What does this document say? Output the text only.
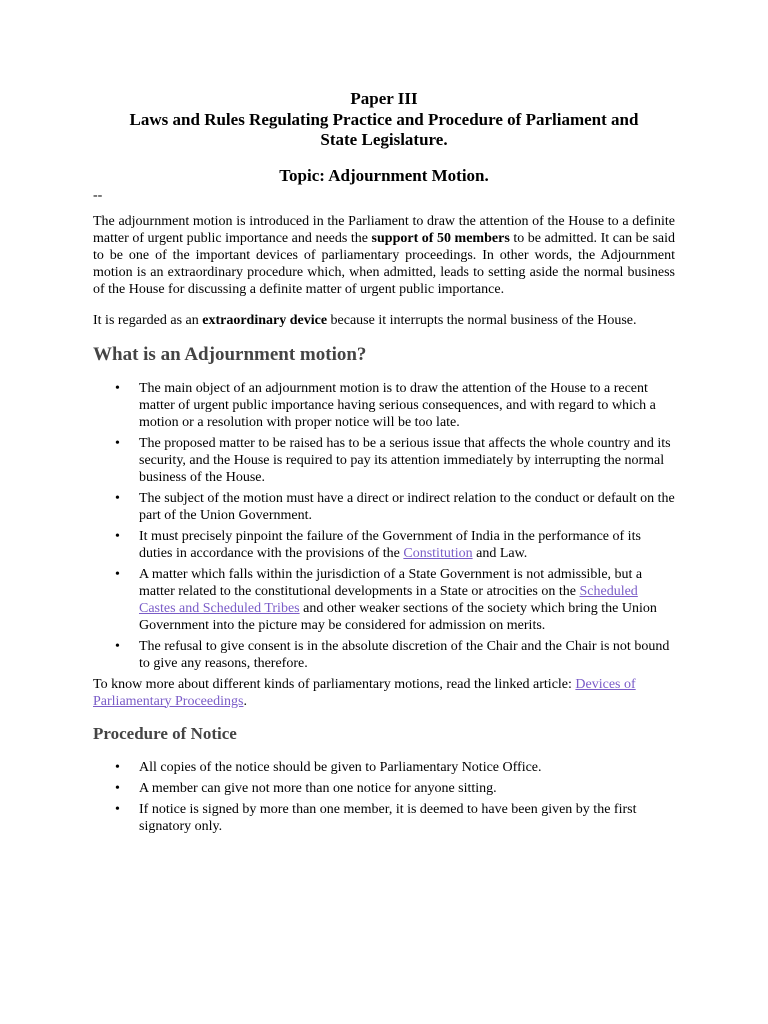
Paper III
Laws and Rules Regulating Practice and Procedure of Parliament and
State Legislature.
Topic: Adjournment Motion.
--

The adjournment motion is introduced in the Parliament to draw the attention of the House to a definite matter of urgent public importance and needs the support of 50 members to be admitted. It can be said to be one of the important devices of parliamentary proceedings. In other words, the Adjournment motion is an extraordinary procedure which, when admitted, leads to setting aside the normal business of the House for discussing a definite matter of urgent public importance.

It is regarded as an extraordinary device because it interrupts the normal business of the House.

What is an Adjournment motion?
• The main object of an adjournment motion is to draw the attention of the House to a recent matter of urgent public importance having serious consequences, and with regard to which a motion or a resolution with proper notice will be too late.
• The proposed matter to be raised has to be a serious issue that affects the whole country and its security, and the House is required to pay its attention immediately by interrupting the normal business of the House.
• The subject of the motion must have a direct or indirect relation to the conduct or default on the part of the Union Government.
• It must precisely pinpoint the failure of the Government of India in the performance of its duties in accordance with the provisions of the Constitution and Law.
• A matter which falls within the jurisdiction of a State Government is not admissible, but a matter related to the constitutional developments in a State or atrocities on the Scheduled Castes and Scheduled Tribes and other weaker sections of the society which bring the Union Government into the picture may be considered for admission on merits.
• The refusal to give consent is in the absolute discretion of the Chair and the Chair is not bound to give any reasons, therefore.
To know more about different kinds of parliamentary motions, read the linked article: Devices of Parliamentary Proceedings.
Procedure of Notice
• All copies of the notice should be given to Parliamentary Notice Office.
• A member can give not more than one notice for anyone sitting.
• If notice is signed by more than one member, it is deemed to have been given by the first signatory only.
